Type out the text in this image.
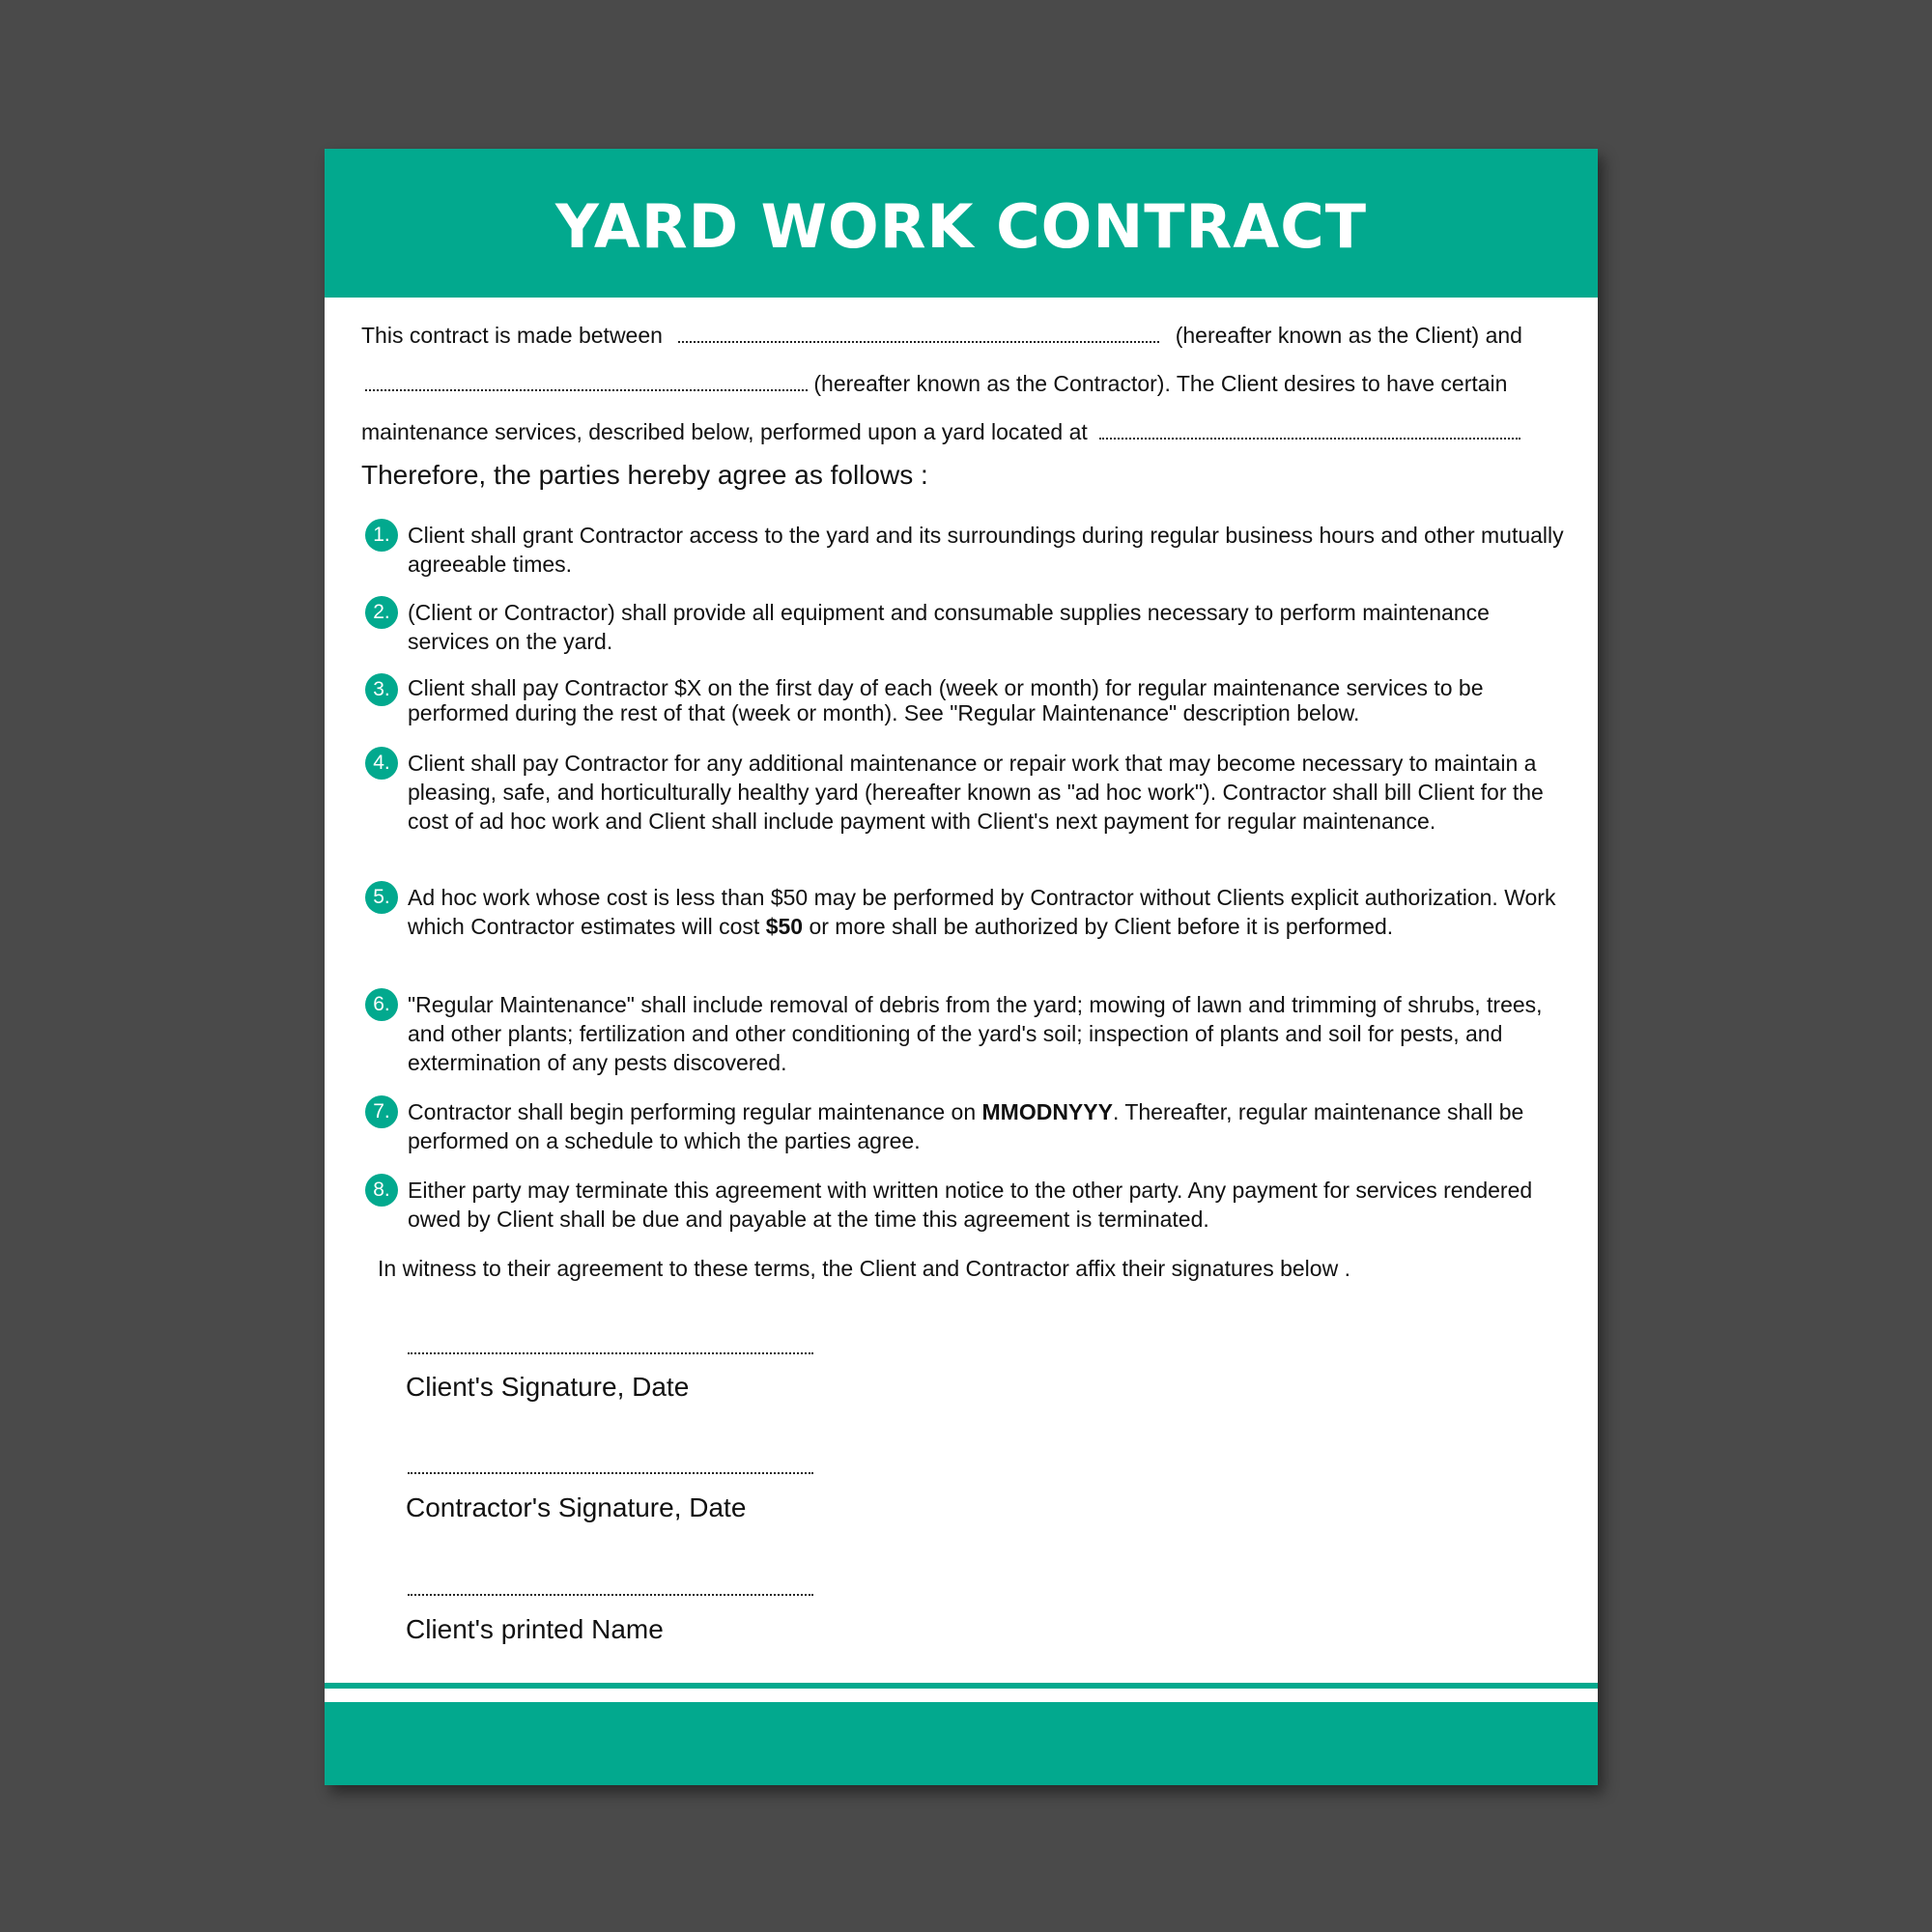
YARD WORK CONTRACT
This contract is made between	(hereafter known as the Client) and
(hereafter known as the Contractor). The Client desires to have certain
maintenance services, described below, performed upon a yard located at
Therefore, the parties hereby agree as follows :
1. Client shall grant Contractor access to the yard and its surroundings during regular business hours and other mutually agreeable times.
2. (Client or Contractor) shall provide all equipment and consumable supplies necessary to perform maintenance services on the yard.
3. Client shall pay Contractor $X on the first day of each (week or month) for regular maintenance services to be performed during the rest of that (week or month). See "Regular Maintenance" description below.
4. Client shall pay Contractor for any additional maintenance or repair work that may become necessary to maintain a pleasing, safe, and horticulturally healthy yard (hereafter known as "ad hoc work"). Contractor shall bill Client for the cost of ad hoc work and Client shall include payment with Client's next payment for regular maintenance.
5. Ad hoc work whose cost is less than $50 may be performed by Contractor without Clients explicit authorization. Work which Contractor estimates will cost $50 or more shall be authorized by Client before it is performed.
6. "Regular Maintenance" shall include removal of debris from the yard; mowing of lawn and trimming of shrubs, trees, and other plants; fertilization and other conditioning of the yard's soil; inspection of plants and soil for pests, and extermination of any pests discovered.
7. Contractor shall begin performing regular maintenance on MMODNYYY. Thereafter, regular maintenance shall be performed on a schedule to which the parties agree.
8. Either party may terminate this agreement with written notice to the other party. Any payment for services rendered owed by Client shall be due and payable at the time this agreement is terminated.
In witness to their agreement to these terms, the Client and Contractor affix their signatures below .
Client's Signature, Date
Contractor's Signature, Date
Client's printed Name
